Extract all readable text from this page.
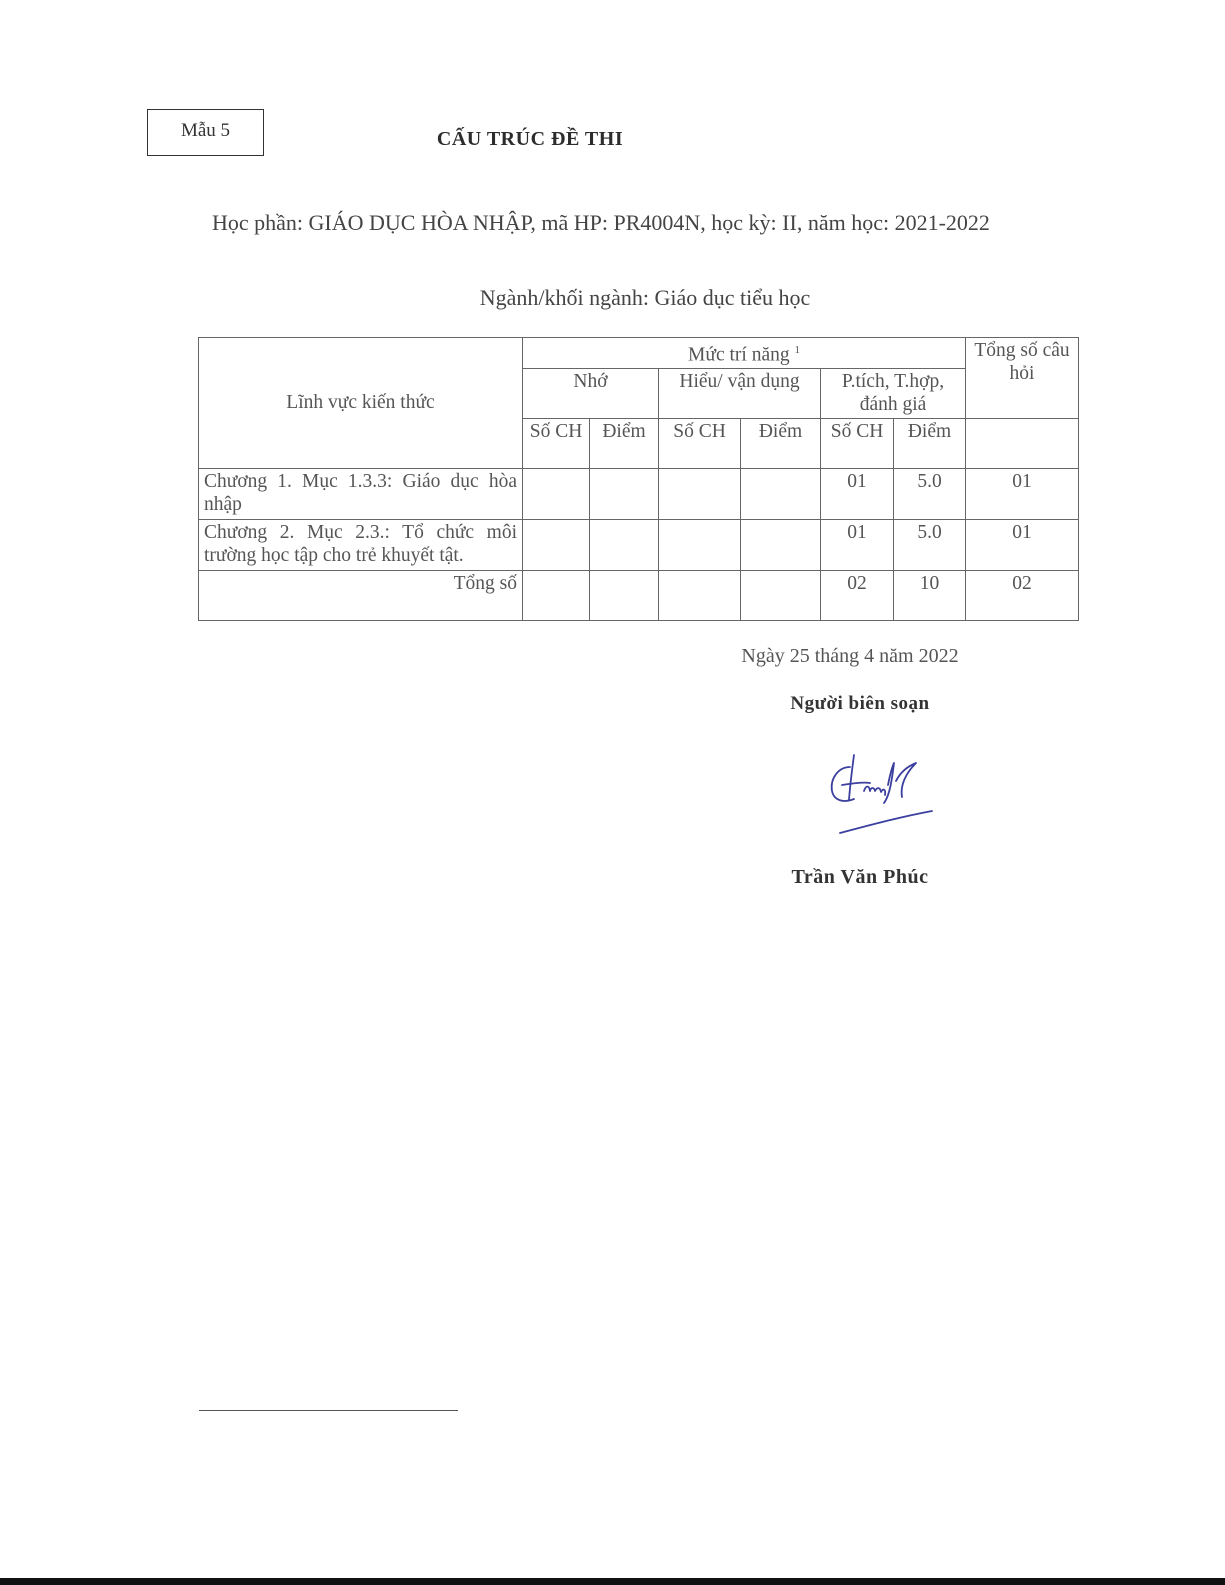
Mẫu 5	CẤU TRÚC ĐỀ THI
Học phần: GIÁO DỤC HÒA NHẬP, mã HP: PR4004N, học kỳ: II, năm học: 2021-2022
Ngành/khối ngành: Giáo dục tiểu học
Lĩnh vực kiến thức	Mức trí năng $^1$						Tổng số câu hỏi
	Nhớ		Hiểu/ vận dụng		P.tích, T.hợp, đánh giá		
	Số CH	Điểm	Số CH	Điểm	Số CH	Điểm	
Chương 1. Mục 1.3.3: Giáo dục hòa nhập					01	5.0	01
Chương 2. Mục 2.3.: Tổ chức môi trường học tập cho trẻ khuyết tật.					01	5.0	01
Tổng số					02	10	02
Ngày 25 tháng 4 năm 2022
Người biên soạn
Trần Văn Phúc
